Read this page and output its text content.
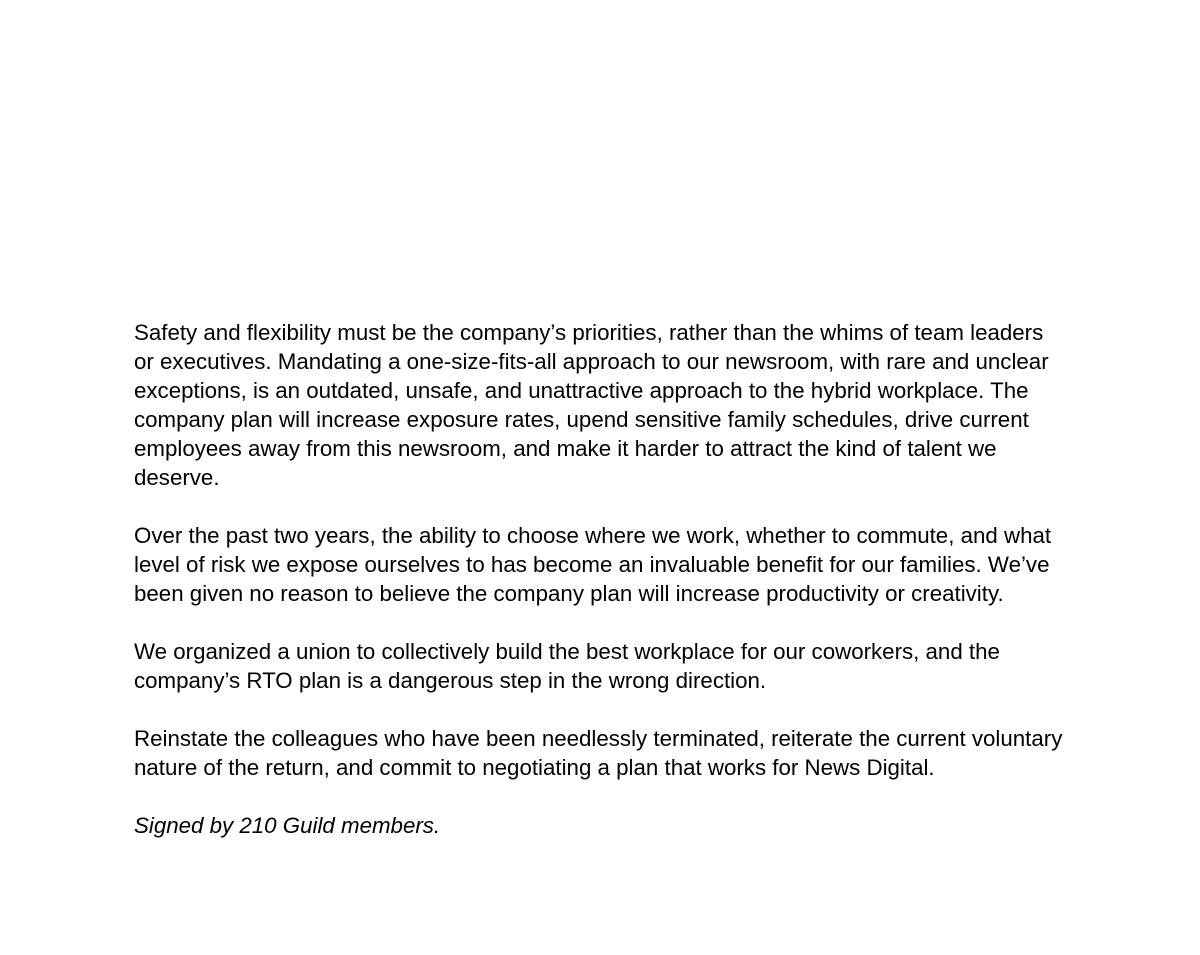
Safety and flexibility must be the company’s priorities, rather than the whims of team leaders or executives. Mandating a one-size-fits-all approach to our newsroom, with rare and unclear exceptions, is an outdated, unsafe, and unattractive approach to the hybrid workplace. The company plan will increase exposure rates, upend sensitive family schedules, drive current employees away from this newsroom, and make it harder to attract the kind of talent we deserve.

Over the past two years, the ability to choose where we work, whether to commute, and what level of risk we expose ourselves to has become an invaluable benefit for our families. We’ve been given no reason to believe the company plan will increase productivity or creativity.

We organized a union to collectively build the best workplace for our coworkers, and the company’s RTO plan is a dangerous step in the wrong direction.

Reinstate the colleagues who have been needlessly terminated, reiterate the current voluntary nature of the return, and commit to negotiating a plan that works for News Digital.

Signed by 210 Guild members.
